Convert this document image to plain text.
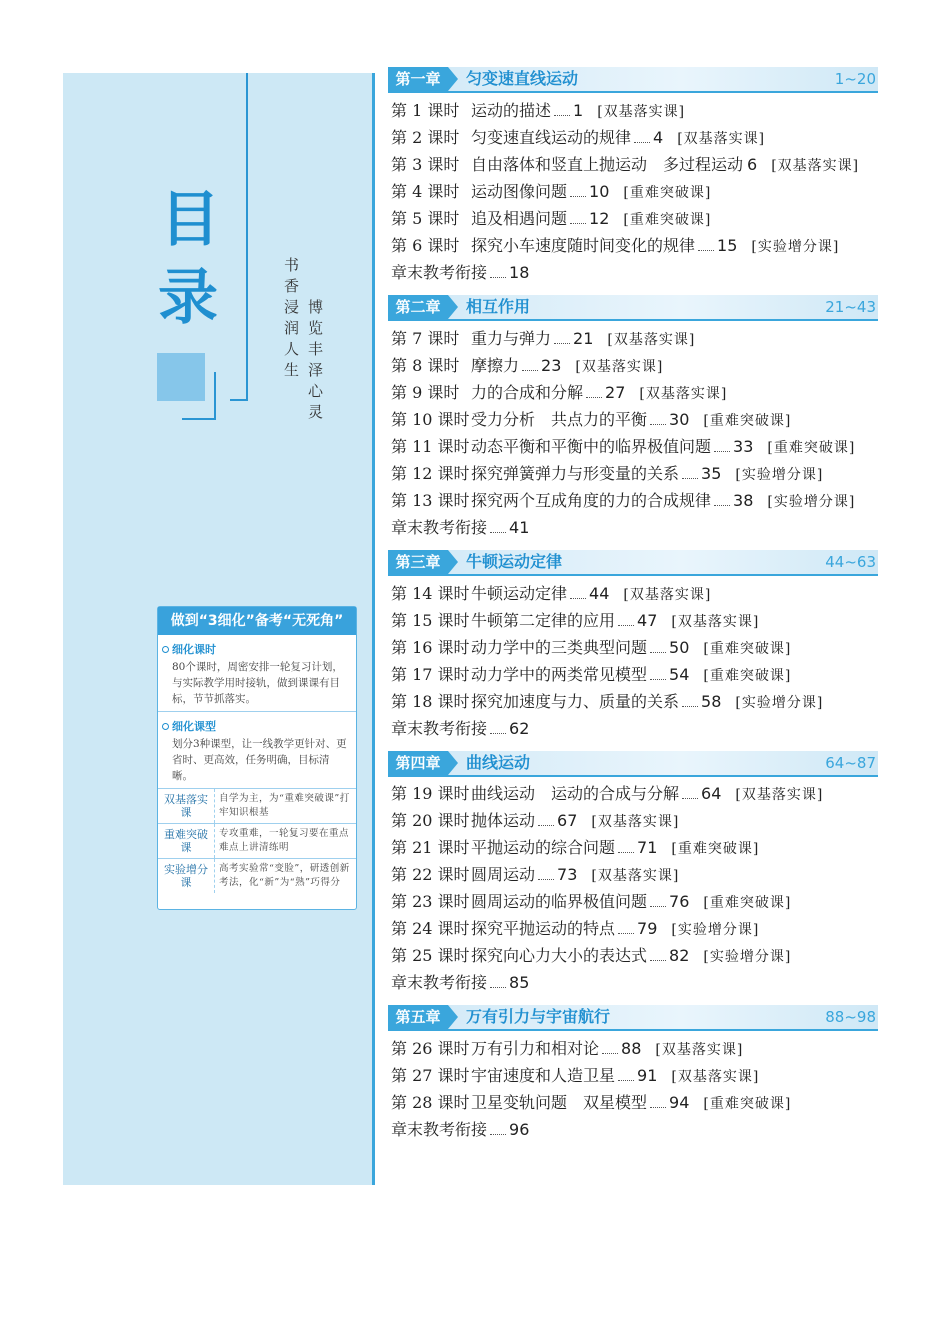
目
录	书香浸润人生 博览丰泽心灵
做到“3细化”备考“无死角”
细化课时
80个课时，周密安排一轮复习计划，与实际教学用时接轨，做到课课有目标，节节抓落实。
细化课型
划分3种课型，让一线教学更针对、更省时、更高效，任务明确，目标清晰。
双基落实课
自学为主，为“重难突破课”打牢知识根基
重难突破课
专攻重难，一轮复习要在重点难点上讲清练明
实验增分课
高考实验常“变脸”，研透创新考法，化“新”为“熟”巧得分
第一章	匀变速直线运动	1~20
第 1 课时 运动的描述 1 [双基落实课]
第 2 课时 匀变速直线运动的规律 4 [双基落实课]
第 3 课时 自由落体和竖直上抛运动　多过程运动 6 [双基落实课]
第 4 课时 运动图像问题 10 [重难突破课]
第 5 课时 追及相遇问题 12 [重难突破课]
第 6 课时 探究小车速度随时间变化的规律 15 [实验增分课]
章末教考衔接 18
第二章	相互作用	21~43
第 7 课时 重力与弹力 21 [双基落实课]
第 8 课时 摩擦力 23 [双基落实课]
第 9 课时 力的合成和分解 27 [双基落实课]
第 10 课时受力分析　共点力的平衡 30 [重难突破课]
第 11 课时动态平衡和平衡中的临界极值问题 33 [重难突破课]
第 12 课时探究弹簧弹力与形变量的关系 35 [实验增分课]
第 13 课时探究两个互成角度的力的合成规律 38 [实验增分课]
章末教考衔接 41
第三章	牛顿运动定律	44~63
第 14 课时牛顿运动定律 44 [双基落实课]
第 15 课时牛顿第二定律的应用 47 [双基落实课]
第 16 课时动力学中的三类典型问题 50 [重难突破课]
第 17 课时动力学中的两类常见模型 54 [重难突破课]
第 18 课时探究加速度与力、质量的关系 58 [实验增分课]
章末教考衔接 62
第四章	曲线运动	64~87
第 19 课时曲线运动　运动的合成与分解 64 [双基落实课]
第 20 课时抛体运动 67 [双基落实课]
第 21 课时平抛运动的综合问题 71 [重难突破课]
第 22 课时圆周运动 73 [双基落实课]
第 23 课时圆周运动的临界极值问题 76 [重难突破课]
第 24 课时探究平抛运动的特点 79 [实验增分课]
第 25 课时探究向心力大小的表达式 82 [实验增分课]
章末教考衔接 85
第五章	万有引力与宇宙航行	88~98
第 26 课时万有引力和相对论 88 [双基落实课]
第 27 课时宇宙速度和人造卫星 91 [双基落实课]
第 28 课时卫星变轨问题　双星模型 94 [重难突破课]
章末教考衔接 96
